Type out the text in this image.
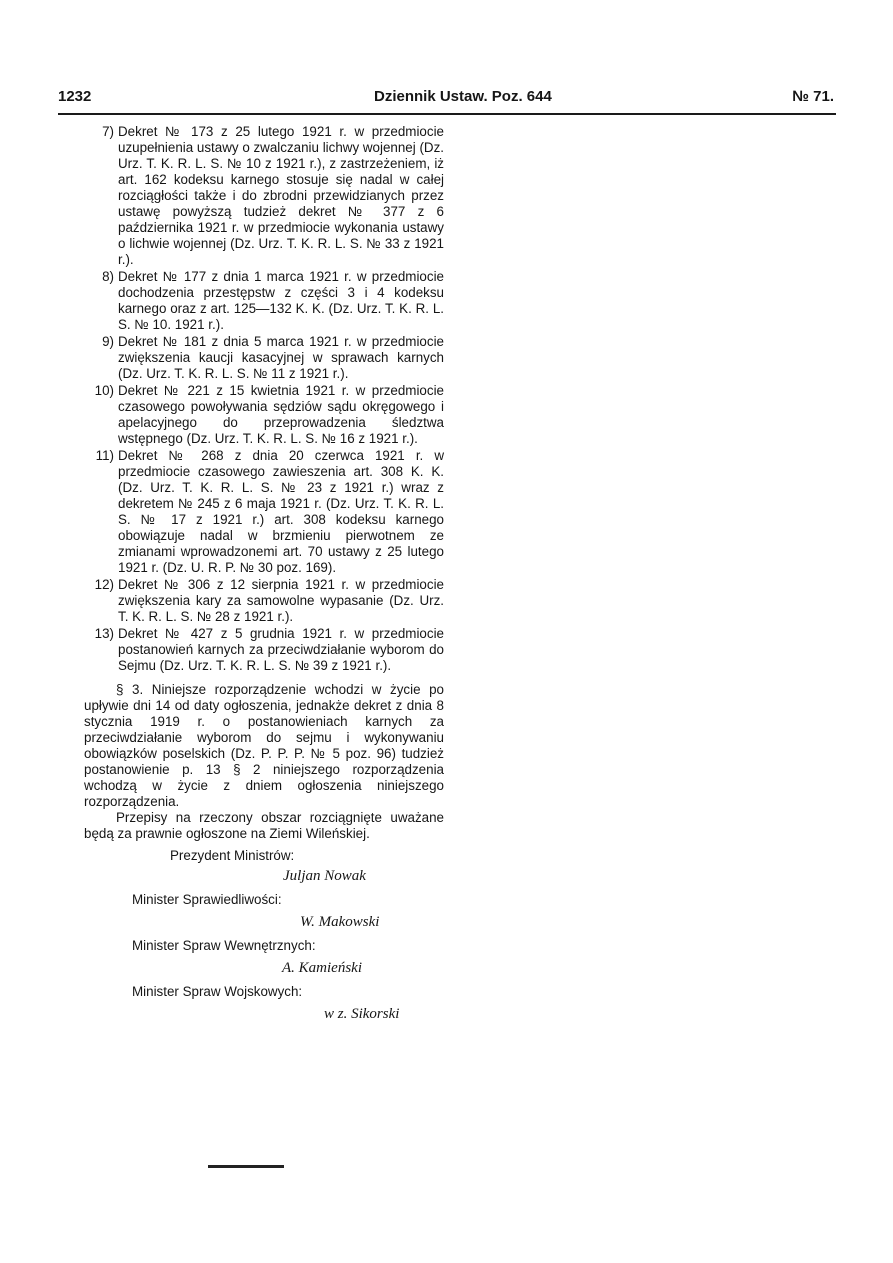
1232	Dziennik Ustaw. Poz. 644	№ 71.
7) Dekret № 173 z 25 lutego 1921 r. w przedmiocie uzupełnienia ustawy o zwalczaniu lichwy wojennej (Dz. Urz. T. K. R. L. S. № 10 z 1921 r.), z zastrzeżeniem, iż art. 162 kodeksu karnego stosuje się nadal w całej rozciągłości także i do zbrodni przewidzianych przez ustawę powyższą tudzież dekret № 377 z 6 października 1921 r. w przedmiocie wykonania ustawy o lichwie wojennej (Dz. Urz. T. K. R. L. S. № 33 z 1921 r.).
8) Dekret № 177 z dnia 1 marca 1921 r. w przedmiocie dochodzenia przestępstw z części 3 i 4 kodeksu karnego oraz z art. 125—132 K. K. (Dz. Urz. T. K. R. L. S. № 10. 1921 r.).
9) Dekret № 181 z dnia 5 marca 1921 r. w przedmiocie zwiększenia kaucji kasacyjnej w sprawach karnych (Dz. Urz. T. K. R. L. S. № 11 z 1921 r.).
10) Dekret № 221 z 15 kwietnia 1921 r. w przedmiocie czasowego powoływania sędziów sądu okręgowego i apelacyjnego do przeprowadzenia śledztwa wstępnego (Dz. Urz. T. K. R. L. S. № 16 z 1921 r.).
11) Dekret № 268 z dnia 20 czerwca 1921 r. w przedmiocie czasowego zawieszenia art. 308 K. K. (Dz. Urz. T. K. R. L. S. № 23 z 1921 r.) wraz z dekretem № 245 z 6 maja 1921 r. (Dz. Urz. T. K. R. L. S. № 17 z 1921 r.) art. 308 kodeksu karnego obowiązuje nadal w brzmieniu pierwotnem ze zmianami wprowadzonemi art. 70 ustawy z 25 lutego 1921 r. (Dz. U. R. P. № 30 poz. 169).
12) Dekret № 306 z 12 sierpnia 1921 r. w przedmiocie zwiększenia kary za samowolne wypasanie (Dz. Urz. T. K. R. L. S. № 28 z 1921 r.).
13) Dekret № 427 z 5 grudnia 1921 r. w przedmiocie postanowień karnych za przeciwdziałanie wyborom do Sejmu (Dz. Urz. T. K. R. L. S. № 39 z 1921 r.).
§ 3. Niniejsze rozporządzenie wchodzi w życie po upływie dni 14 od daty ogłoszenia, jednakże dekret z dnia 8 stycznia 1919 r. o postanowieniach karnych za przeciwdziałanie wyborom do sejmu i wykonywaniu obowiązków poselskich (Dz. P. P. P. № 5 poz. 96) tudzież postanowienie p. 13 § 2 niniejszego rozporządzenia wchodzą w życie z dniem ogłoszenia niniejszego rozporządzenia.
Przepisy na rzeczony obszar rozciągnięte uważane będą za prawnie ogłoszone na Ziemi Wileńskiej.
Prezydent Ministrów:
Juljan Nowak
Minister Sprawiedliwości:
W. Makowski
Minister Spraw Wewnętrznych:
A. Kamieński
Minister Spraw Wojskowych:
w z. Sikorski
